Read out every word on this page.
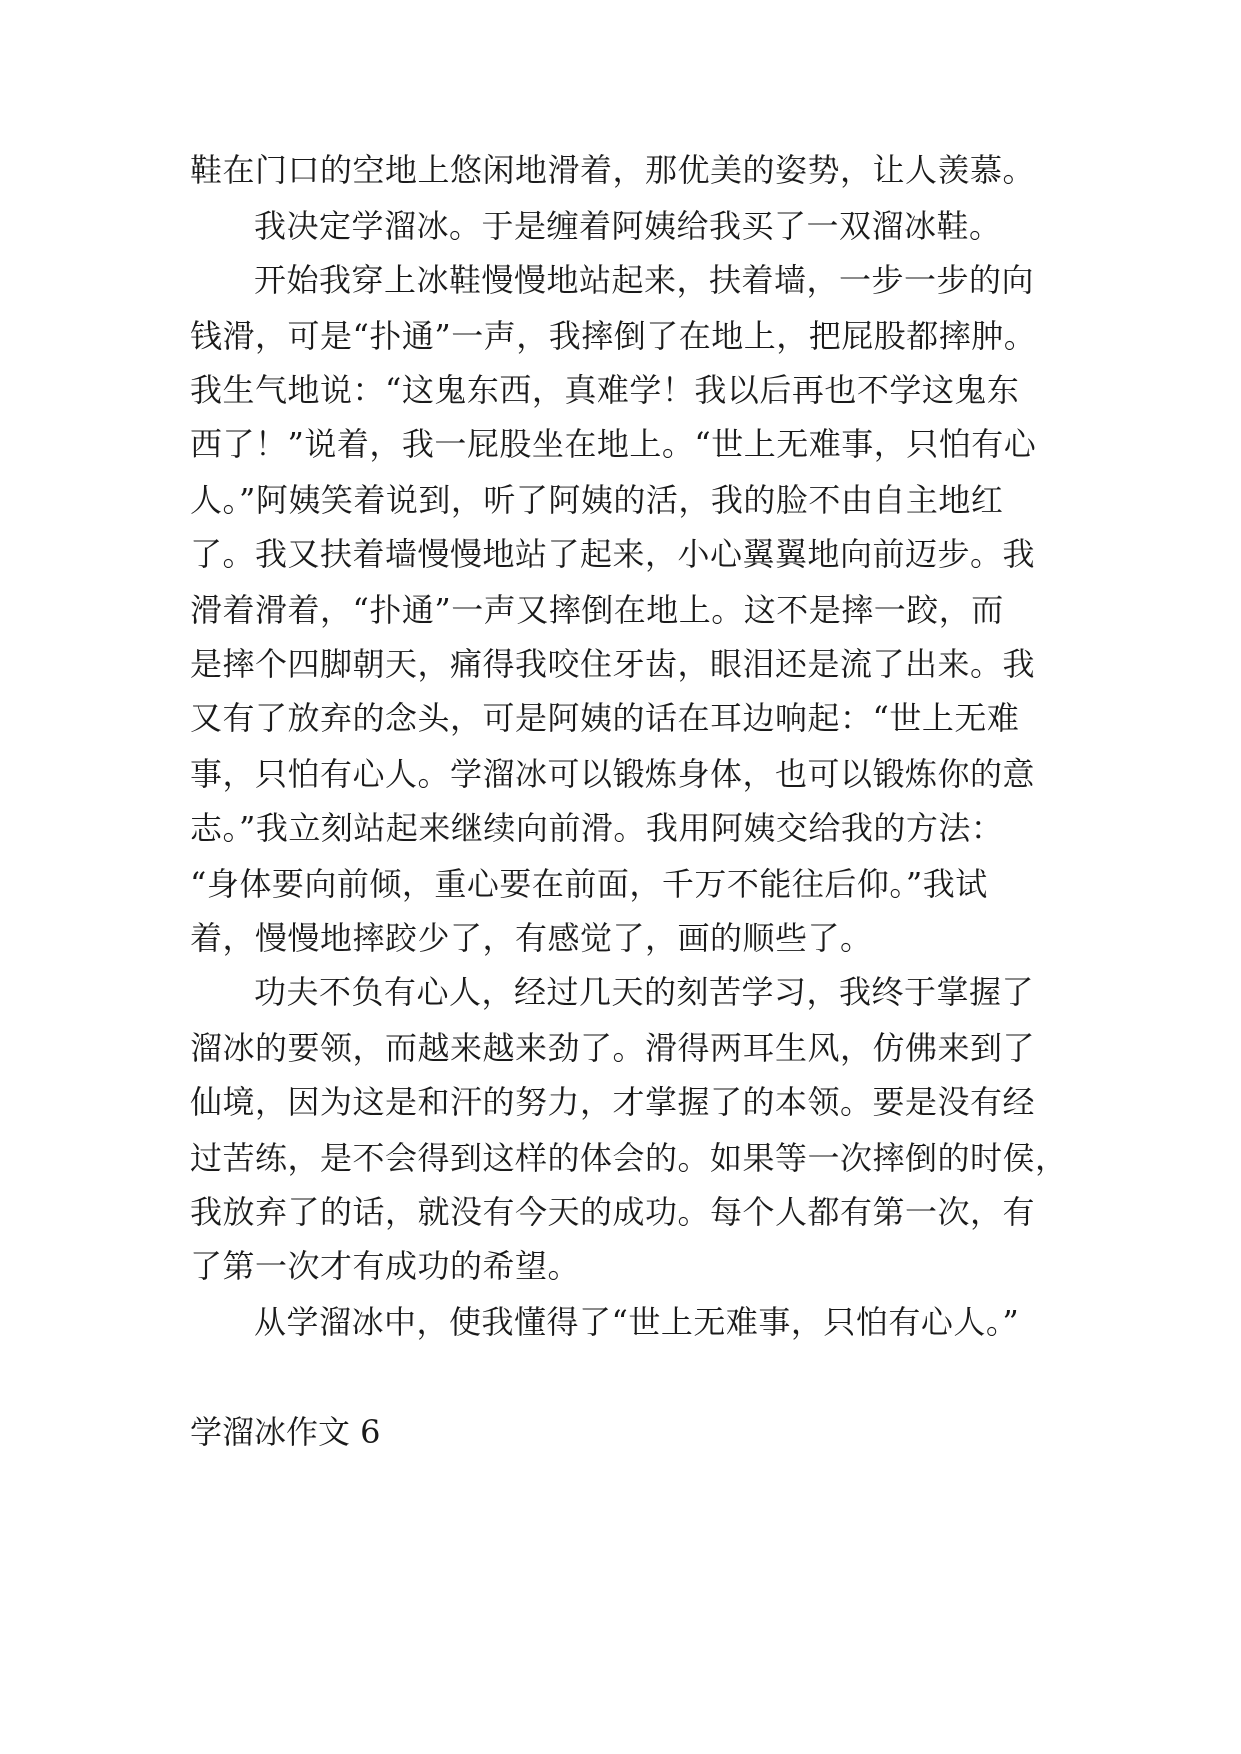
鞋在门口的空地上悠闲地滑着，那优美的姿势，让人羡慕。
我决定学溜冰。于是缠着阿姨给我买了一双溜冰鞋。
开始我穿上冰鞋慢慢地站起来，扶着墙，一步一步的向
钱滑，可是“扑通”一声，我摔倒了在地上，把屁股都摔肿。
我生气地说：“这鬼东西，真难学！我以后再也不学这鬼东
西了！”说着，我一屁股坐在地上。“世上无难事，只怕有心
人。”阿姨笑着说到，听了阿姨的活，我的脸不由自主地红
了。我又扶着墙慢慢地站了起来，小心翼翼地向前迈步。我
滑着滑着，“扑通”一声又摔倒在地上。这不是摔一跤，而
是摔个四脚朝天，痛得我咬住牙齿，眼泪还是流了出来。我
又有了放弃的念头，可是阿姨的话在耳边响起：“世上无难
事，只怕有心人。学溜冰可以锻炼身体，也可以锻炼你的意
志。”我立刻站起来继续向前滑。我用阿姨交给我的方法：
“身体要向前倾，重心要在前面，千万不能往后仰。”我试
着，慢慢地摔跤少了，有感觉了，画的顺些了。
功夫不负有心人，经过几天的刻苦学习，我终于掌握了
溜冰的要领，而越来越来劲了。滑得两耳生风，仿佛来到了
仙境，因为这是和汗的努力，才掌握了的本领。要是没有经
过苦练，是不会得到这样的体会的。如果等一次摔倒的时侯，
我放弃了的话，就没有今天的成功。每个人都有第一次，有
了第一次才有成功的希望。
从学溜冰中，使我懂得了“世上无难事，只怕有心人。”
学溜冰作文 6
